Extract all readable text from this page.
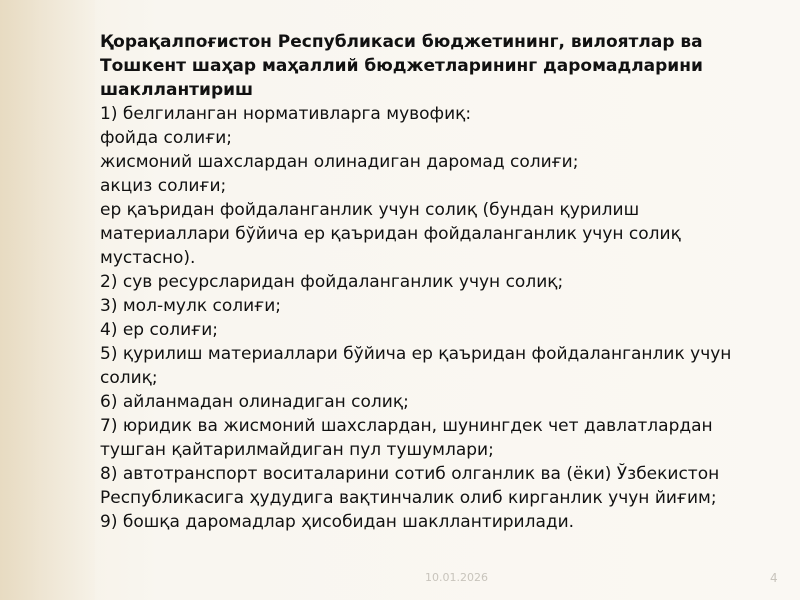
Қорақалпоғистон Республикаси бюджетининг, вилоятлар ва Тошкент шаҳар маҳаллий бюджетларининг даромадларини шакллантириш

1) белгиланган нормативларга мувофиқ:

фойда солиғи;

жисмоний шахслардан олинадиган даромад солиғи;

акциз солиғи;

ер қаъридан фойдаланганлик учун солиқ (бундан қурилиш материаллари бўйича ер қаъридан фойдаланганлик учун солиқ мустасно).

2) сув ресурсларидан фойдаланганлик учун солиқ;

3) мол-мулк солиғи;

4) ер солиғи;

5) қурилиш материаллари бўйича ер қаъридан фойдаланганлик учун солиқ;

6) айланмадан олинадиган солиқ;

7) юридик ва жисмоний шахслардан, шунингдек чет давлатлардан тушган қайтарилмайдиган пул тушумлари;

8) автотранспорт воситаларини сотиб олганлик ва (ёки) Ўзбекистон Республикасига ҳудудига вақтинчалик олиб кирганлик учун йиғим;

9) бошқа даромадлар ҳисобидан шакллантирилади.

10.01.2026	4
